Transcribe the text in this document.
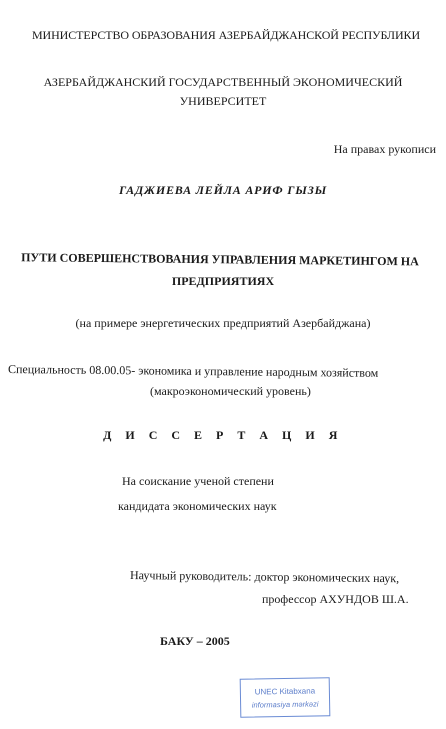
МИНИСТЕРСТВО ОБРАЗОВАНИЯ АЗЕРБАЙДЖАНСКОЙ РЕСПУБЛИКИ
АЗЕРБАЙДЖАНСКИЙ ГОСУДАРСТВЕННЫЙ ЭКОНОМИЧЕСКИЙ
УНИВЕРСИТЕТ
На правах рукописи
ГАДЖИЕВА ЛЕЙЛА АРИФ ГЫЗЫ
ПУТИ СОВЕРШЕНСТВОВАНИЯ УПРАВЛЕНИЯ МАРКЕТИНГОМ НА
ПРЕДПРИЯТИЯХ
(на примере энергетических предприятий Азербайджана)
Специальность 08.00.05- экономика и управление народным хозяйством
(макроэкономический уровень)
Д И С С Е Р Т А Ц И Я
На соискание ученой степени
кандидата экономических наук
Научный руководитель: доктор экономических наук,
профессор АХУНДОВ Ш.А.
БАКУ – 2005
UNEC Kitabxana
informasiya mərkəzi
